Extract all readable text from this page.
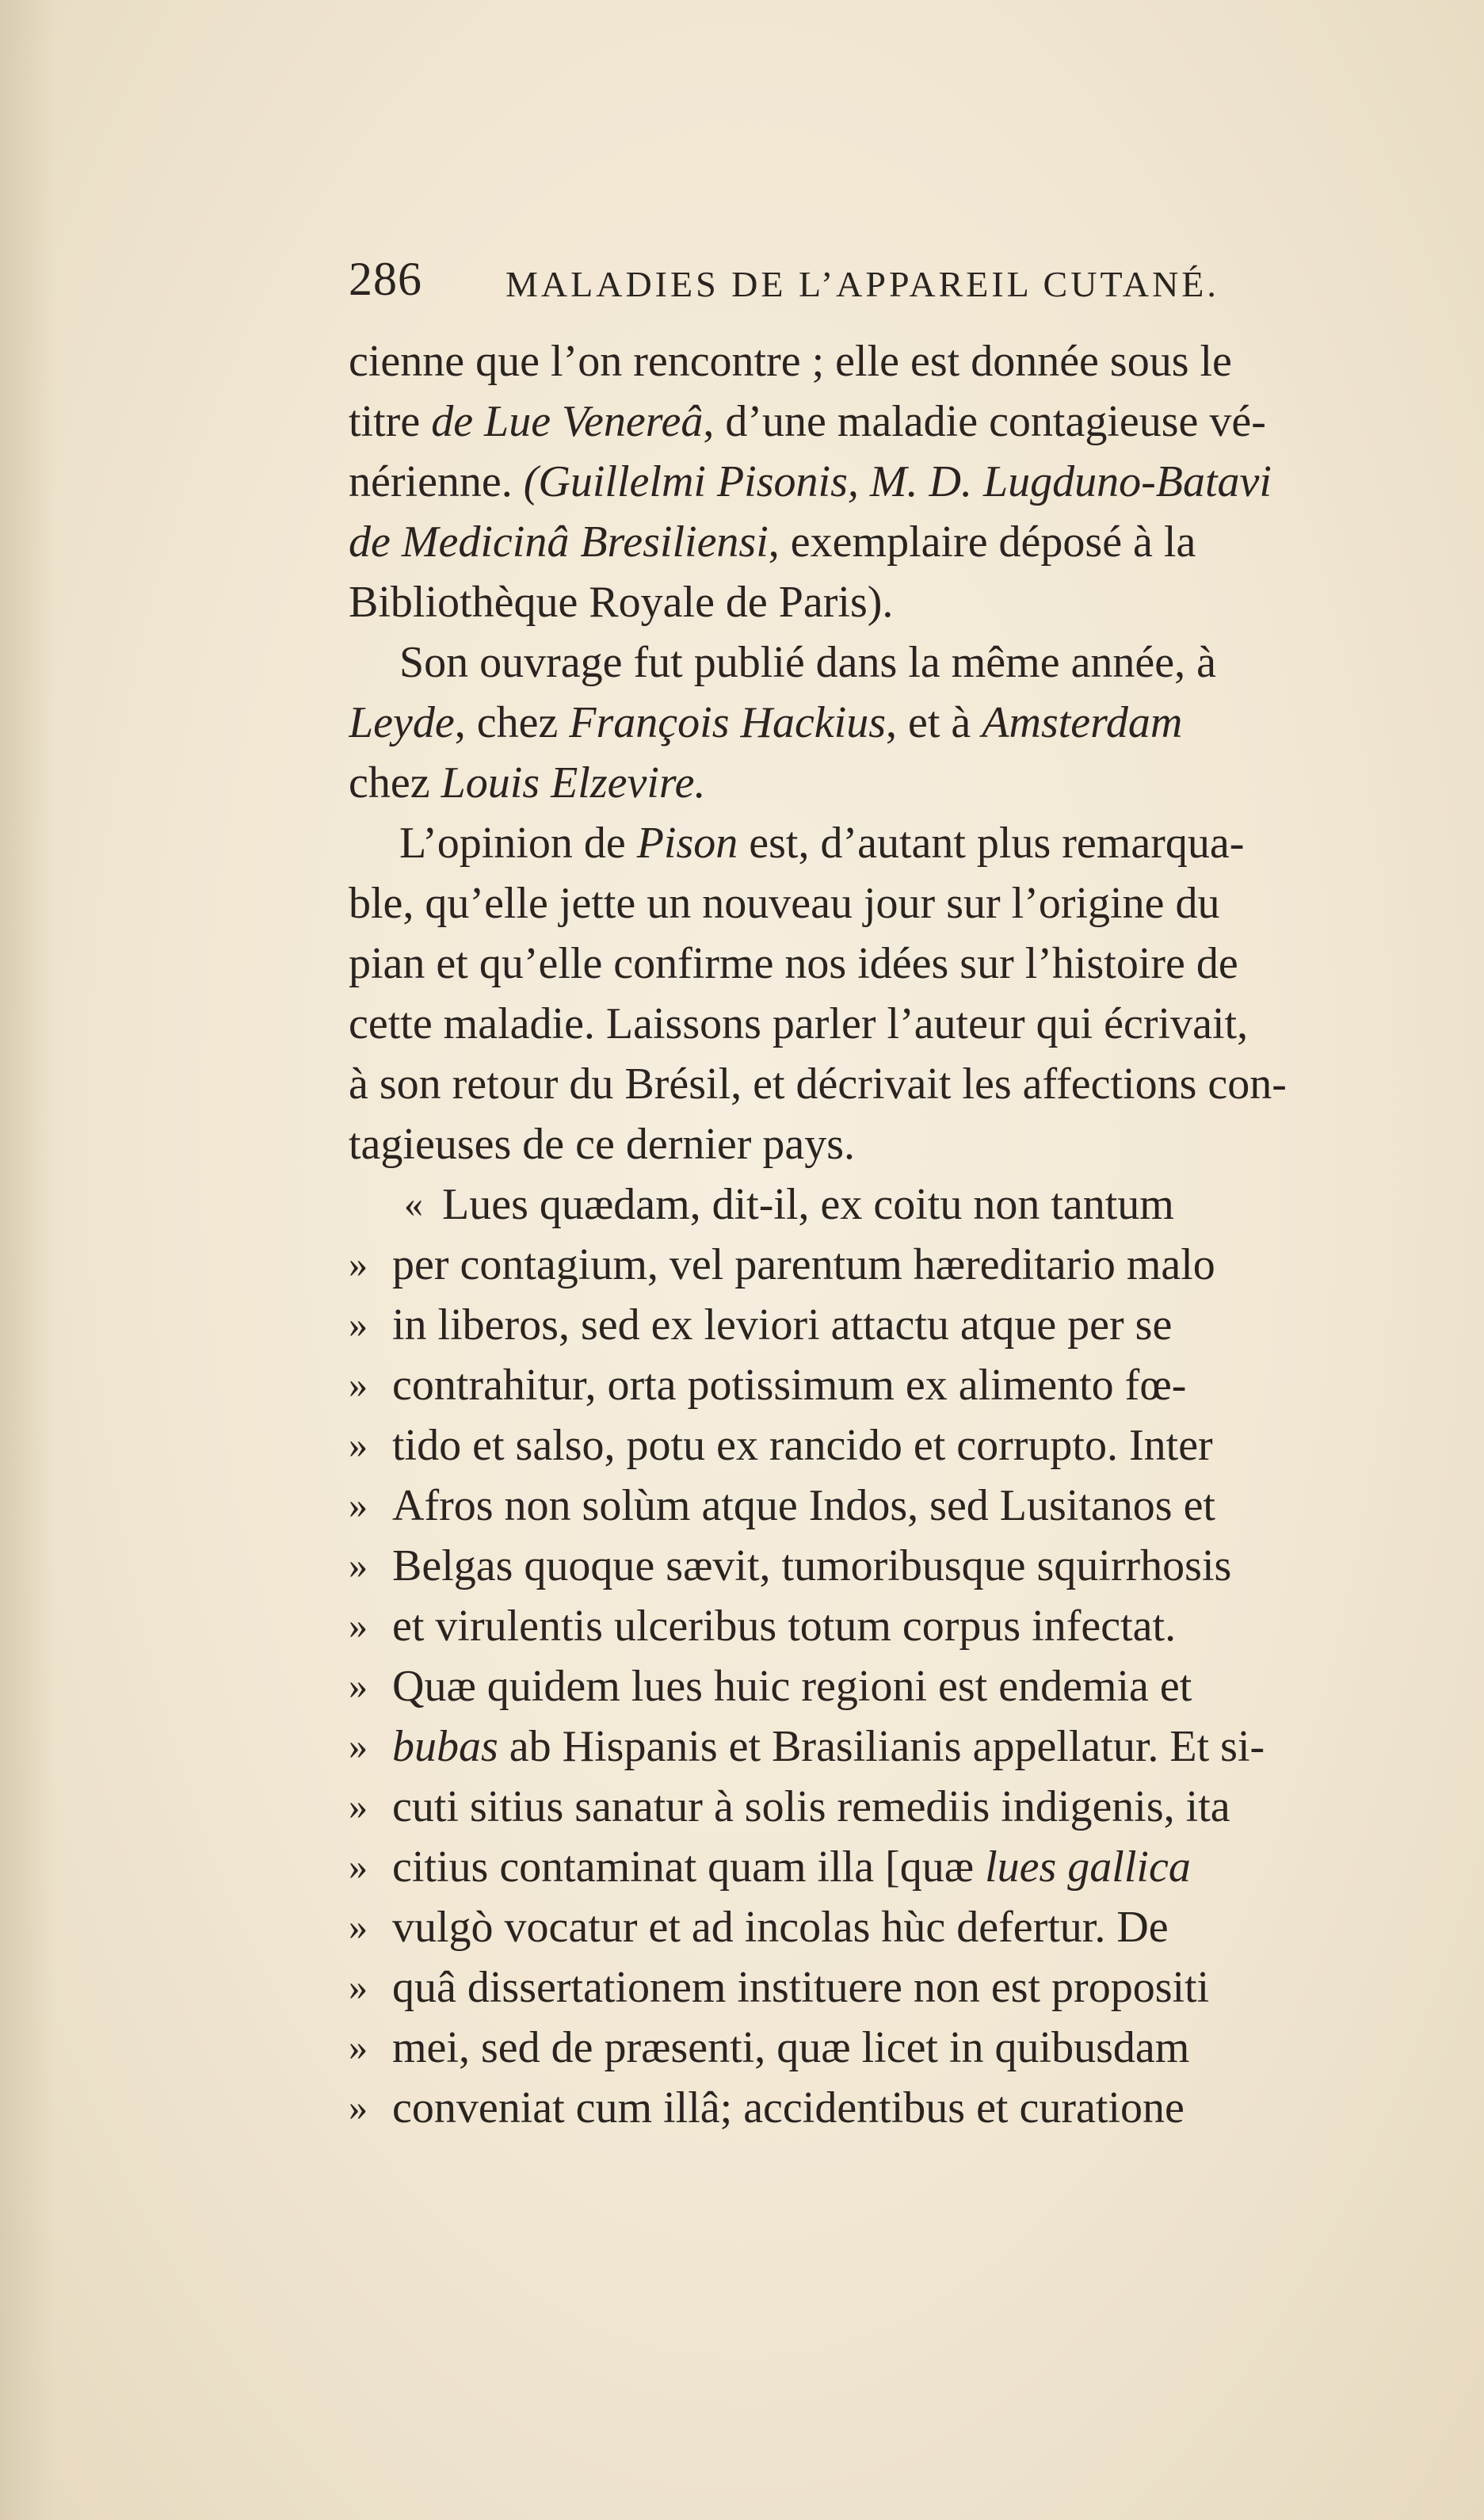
286 MALADIES DE L’APPAREIL CUTANÉ.
cienne que l’on rencontre ; elle est donnée sous le
titre de Lue Venereâ, d’une maladie contagieuse vé-
nérienne. (Guillelmi Pisonis, M. D. Lugduno-Batavi
de Medicinâ Bresiliensi, exemplaire déposé à la
Bibliothèque Royale de Paris).
Son ouvrage fut publié dans la même année, à
Leyde, chez François Hackius, et à Amsterdam
chez Louis Elzevire.
L’opinion de Pison est, d’autant plus remarqua-
ble, qu’elle jette un nouveau jour sur l’origine du
pian et qu’elle confirme nos idées sur l’histoire de
cette maladie. Laissons parler l’auteur qui écrivait,
à son retour du Brésil, et décrivait les affections con-
tagieuses de ce dernier pays.
« Lues quædam, dit-il, ex coitu non tantum
» per contagium, vel parentum hæreditario malo
» in liberos, sed ex leviori attactu atque per se
» contrahitur, orta potissimum ex alimento fœ-
» tido et salso, potu ex rancido et corrupto. Inter
» Afros non solùm atque Indos, sed Lusitanos et
» Belgas quoque sævit, tumoribusque squirrhosis
» et virulentis ulceribus totum corpus infectat.
» Quæ quidem lues huic regioni est endemia et
» bubas ab Hispanis et Brasilianis appellatur. Et si-
» cuti sitius sanatur à solis remediis indigenis, ita
» citius contaminat quam illa [quæ lues gallica
» vulgò vocatur et ad incolas hùc defertur. De
» quâ dissertationem instituere non est propositi
» mei, sed de præsenti, quæ licet in quibusdam
» conveniat cum illâ; accidentibus et curatione
